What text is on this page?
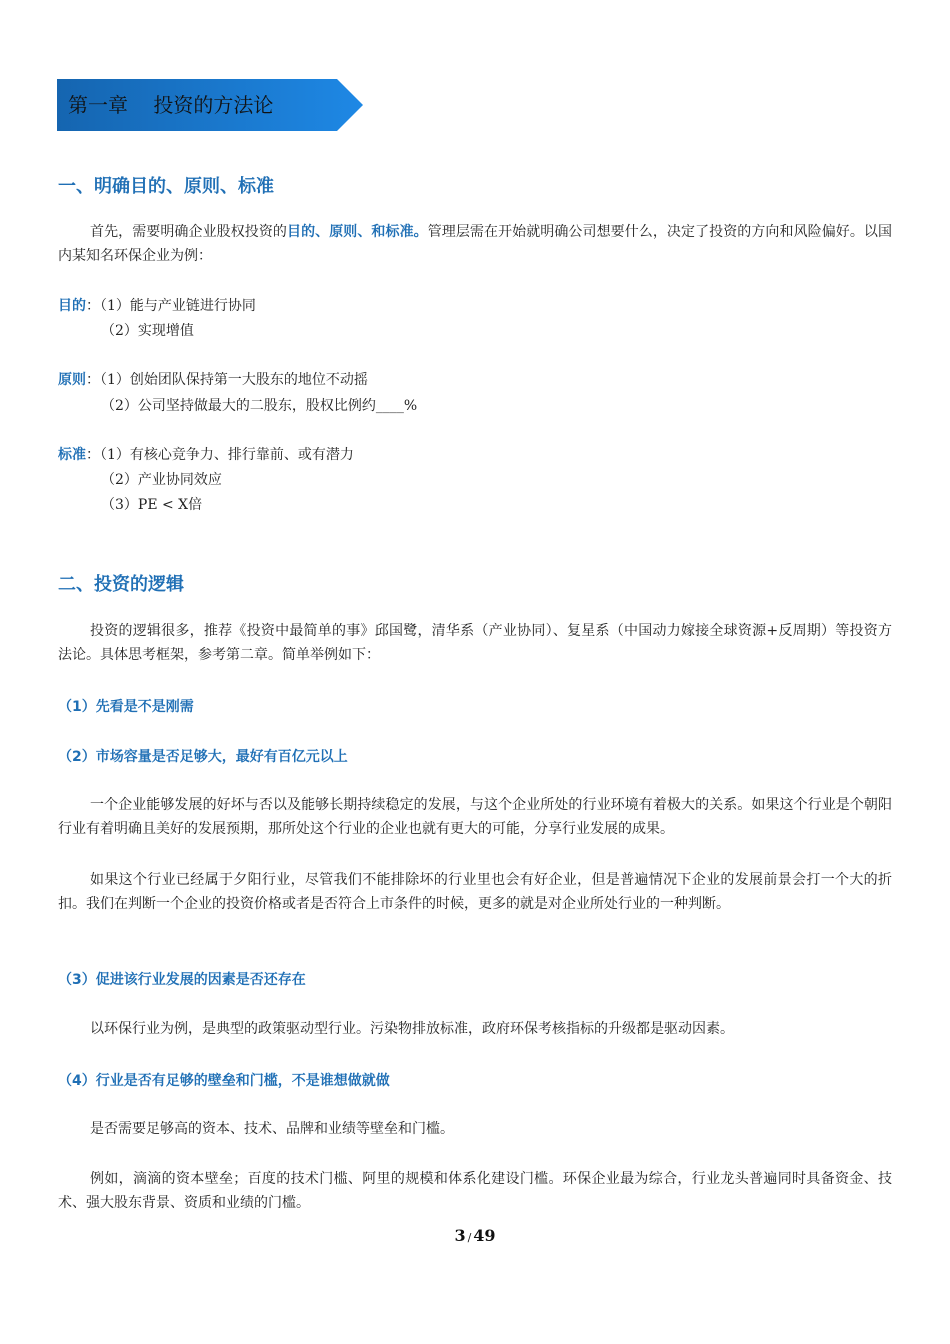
第一章    投资的方法论
一、明确目的、原则、标准

首先，需要明确企业股权投资的目的、原则、和标准。管理层需在开始就明确公司想要什么，决定了投资的方向和风险偏好。以国内某知名环保企业为例：

目的：（1）能与产业链进行协同

（2）实现增值

原则：（1）创始团队保持第一大股东的地位不动摇

（2）公司坚持做最大的二股东，股权比例约____%

标准：（1）有核心竞争力、排行靠前、或有潜力

（2）产业协同效应

（3）PE < X倍

二、投资的逻辑

投资的逻辑很多，推荐《投资中最简单的事》邱国鹭，清华系（产业协同）、复星系（中国动力嫁接全球资源+反周期）等投资方法论。具体思考框架，参考第二章。简单举例如下：

（1）先看是不是刚需
（2）市场容量是否足够大，最好有百亿元以上

一个企业能够发展的好坏与否以及能够长期持续稳定的发展，与这个企业所处的行业环境有着极大的关系。如果这个行业是个朝阳行业有着明确且美好的发展预期，那所处这个行业的企业也就有更大的可能，分享行业发展的成果。

如果这个行业已经属于夕阳行业，尽管我们不能排除坏的行业里也会有好企业，但是普遍情况下企业的发展前景会打一个大的折扣。我们在判断一个企业的投资价格或者是否符合上市条件的时候，更多的就是对企业所处行业的一种判断。

（3）促进该行业发展的因素是否还存在

以环保行业为例，是典型的政策驱动型行业。污染物排放标准，政府环保考核指标的升级都是驱动因素。

（4）行业是否有足够的壁垒和门槛，不是谁想做就做

是否需要足够高的资本、技术、品牌和业绩等壁垒和门槛。

例如，滴滴的资本壁垒；百度的技术门槛、阿里的规模和体系化建设门槛。环保企业最为综合，行业龙头普遍同时具备资金、技术、强大股东背景、资质和业绩的门槛。

3 / 49
